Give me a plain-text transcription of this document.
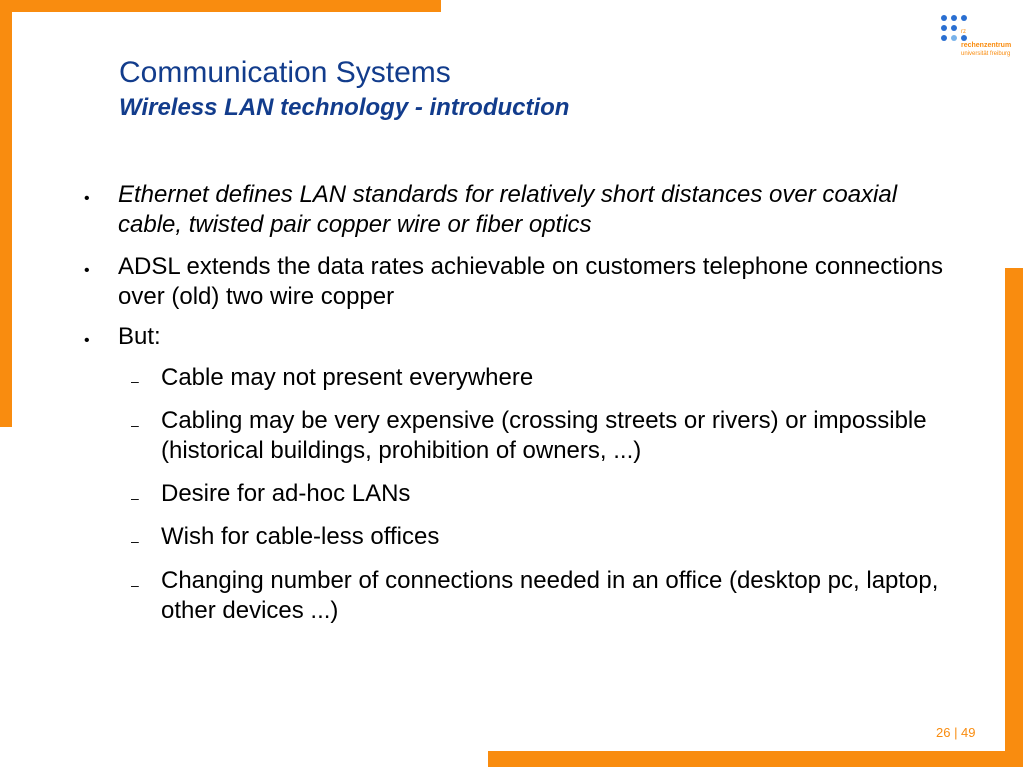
rz
rechenzentrum
universität freiburg
Communication Systems
Wireless LAN technology - introduction
• Ethernet defines LAN standards for relatively short distances over coaxial cable, twisted pair copper wire or fiber optics
• ADSL extends the data rates achievable on customers telephone connections over (old) two wire copper
• But:
– Cable may not present everywhere
– Cabling may be very expensive (crossing streets or rivers) or impossible (historical buildings, prohibition of owners, ...)
– Desire for ad-hoc LANs
– Wish for cable-less offices
– Changing number of connections needed in an office (desktop pc, laptop, other devices ...)
26 | 49
